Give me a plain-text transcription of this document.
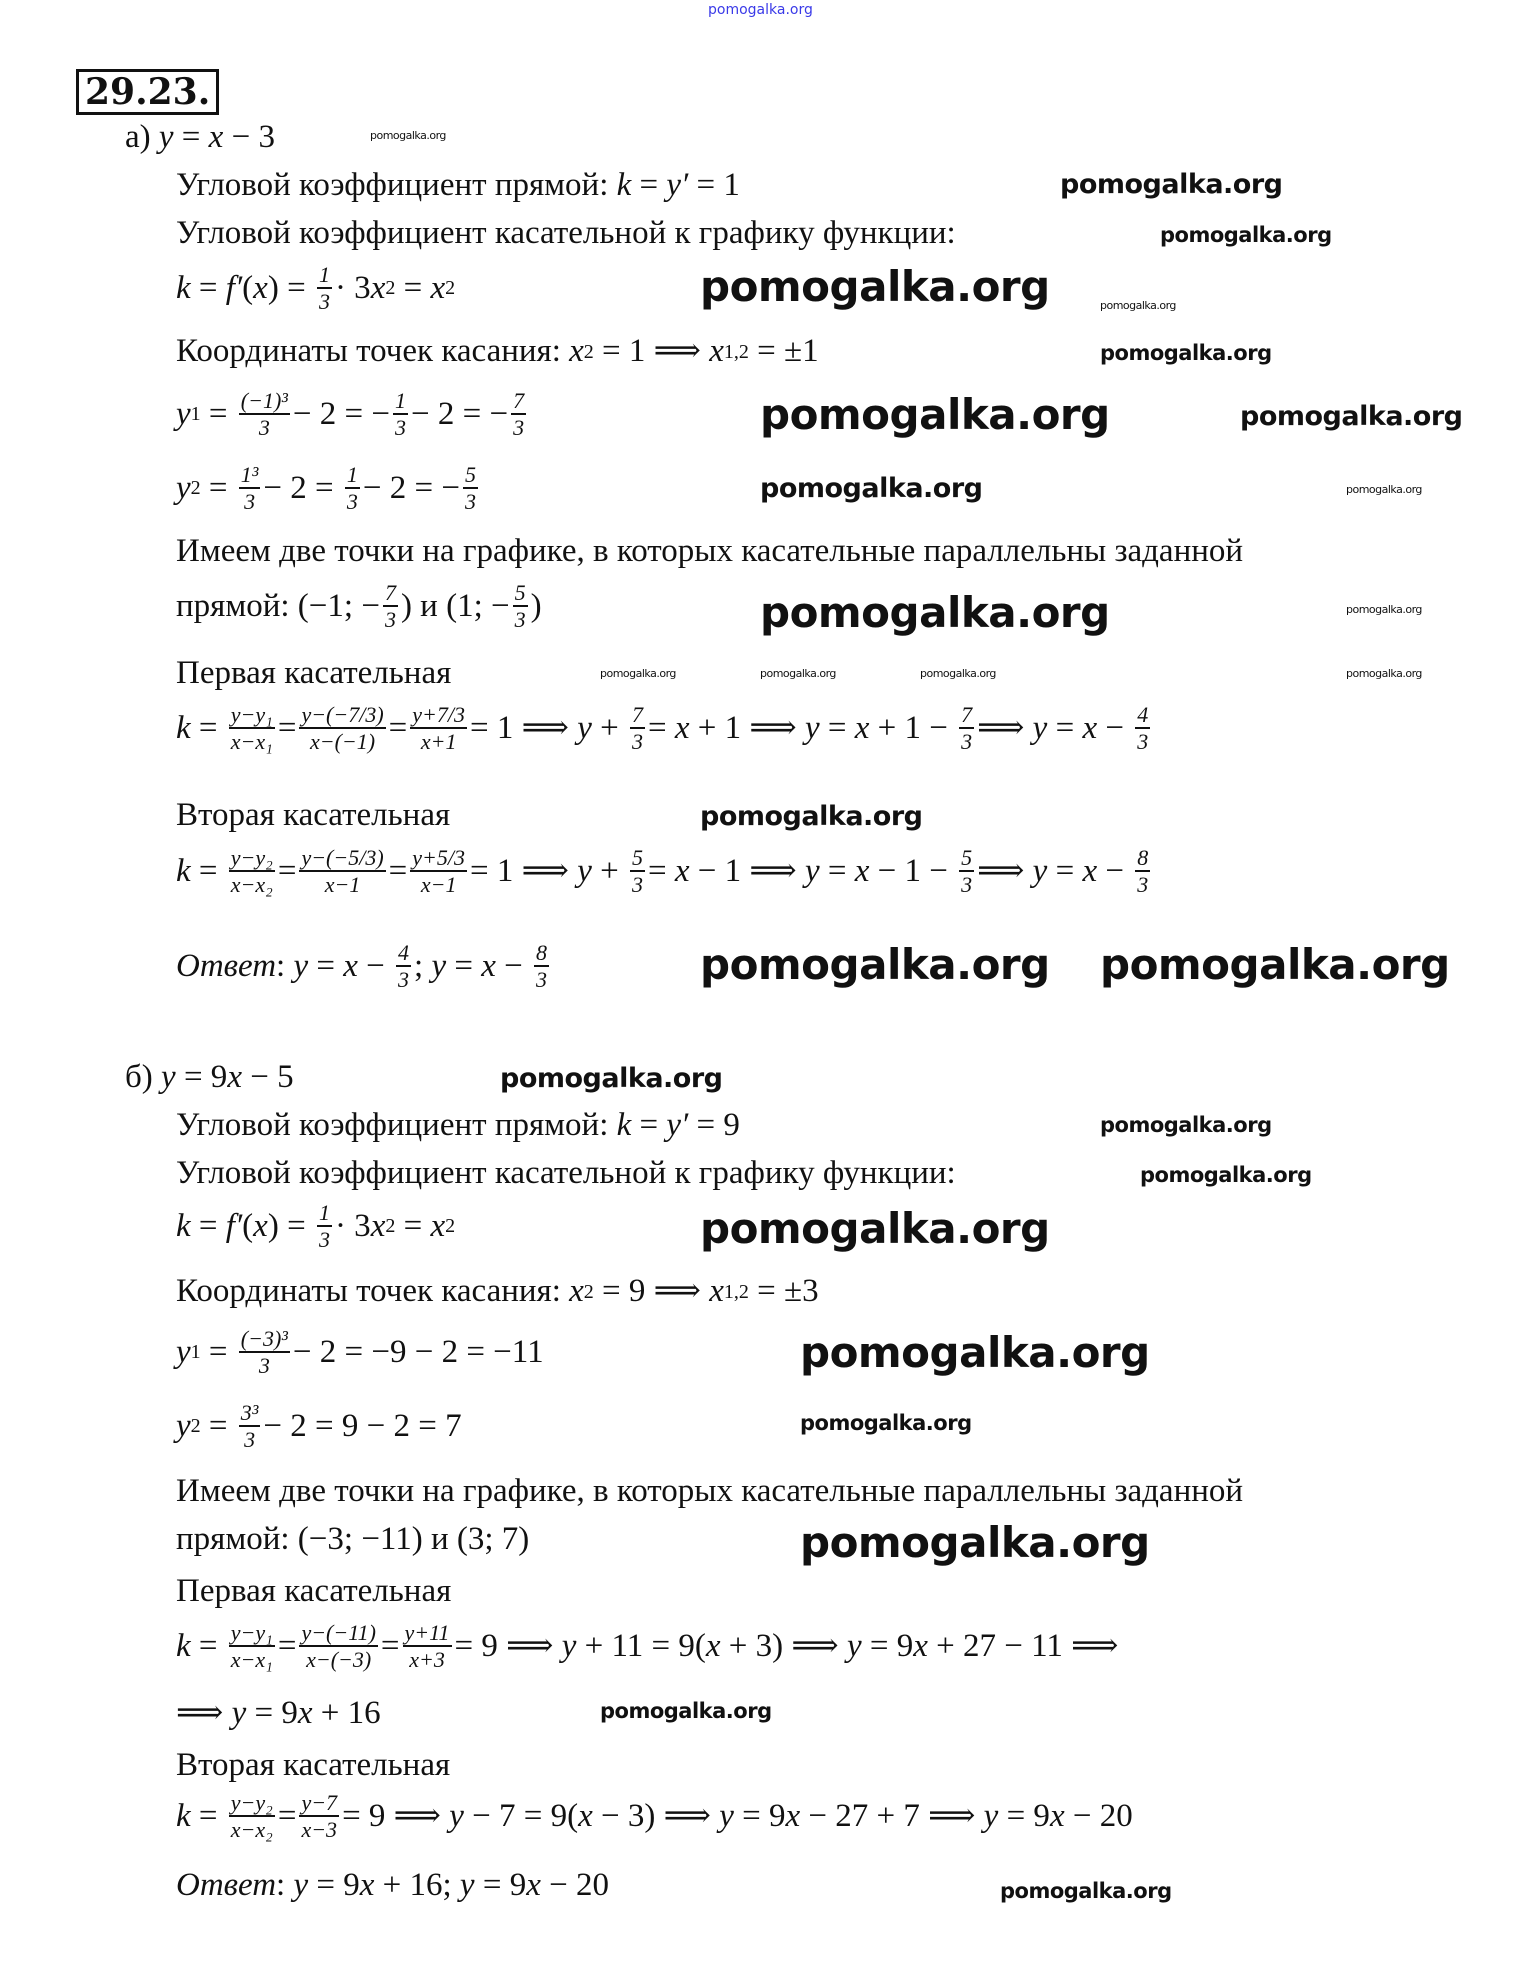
pomogalka.org
29.23.
а) y = x − 3
Угловой коэффициент прямой: k = y′ = 1
Угловой коэффициент касательной к графику функции:
k = f′ ( x ) = $\frac{1}{3} \cdot 3$ x 2 = x 2
Координаты точек касания: x 2 = 1 ⟹ x 1,2 = ±1
y $1 = \frac{\text{(−1)³}}{3} - 2$ = − $\frac{1}{3} - 2$ = − $\frac{7}{3}$
y $2 = \frac{\text{1³}}{3} - 2 = \frac{1}{3} - 2$ = − $\frac{5}{3}$
Имеем две точки на графике, в которых касательные параллельны заданной
прямой: (−1; − $\frac{7}{3}$ ) и (1; − $\frac{5}{3}$ )
Первая касательная
$k = \frac{\text{y−y₁}}{\text{x−x₁}} = \frac{y-(-7/3)}{x-(-1)} = \frac{y+7/3}{x+1} = 1$ ⟹ $y + \frac{7}{3} = x + 1$ ⟹ $y = x + 1 - \frac{7}{3}$ ⟹ $y = x - \frac{4}{3}$
Вторая касательная
$k = \frac{\text{y−y₂}}{\text{x−x₂}} = \frac{y-(-5/3)}{x-1} = \frac{y+5/3}{x-1} = 1$ ⟹ $y + \frac{5}{3} = x - 1$ ⟹ $y = x - 1 - \frac{5}{3}$ ⟹ $y = x - \frac{8}{3}$
Ответ : $y = x - \frac{4}{3}$ ; $y = x - \frac{8}{3}$
б) y = 9 x − 5
Угловой коэффициент прямой: k = y′ = 9
Угловой коэффициент касательной к графику функции:
k = f′ ( x ) = $\frac{1}{3} \cdot 3$ x 2 = x 2
Координаты точек касания: x 2 = 9 ⟹ x 1,2 = ±3
y $1 = \frac{\text{(−3)³}}{3} - 2 = -9 - 2 = -11$
y $2 = \frac{\text{3³}}{3} - 2 = 9 - 2 = 7$
Имеем две точки на графике, в которых касательные параллельны заданной
прямой: (−3; −11) и (3; 7)
Первая касательная
$k = \frac{\text{y−y₁}}{\text{x−x₁}} = \frac{y-(-11)}{x-(-3)} = \frac{y+11}{x+3} = 9$ ⟹ y + 11 = 9( x + 3) ⟹ y = 9 x + 27 − 11 ⟹
⟹ y = 9 x + 16
Вторая касательная
$k = \frac{\text{y−y₂}}{\text{x−x₂}} = \frac{y-7}{x-3} = 9$ ⟹ y − 7 = 9( x − 3) ⟹ y = 9 x − 27 + 7 ⟹ y = 9 x − 20
Ответ : y = 9 x + 16; y = 9 x − 20
pomogalka.org
pomogalka.org
pomogalka.org
pomogalka.org
pomogalka.org
pomogalka.org
pomogalka.org	pomogalka.org
pomogalka.org	pomogalka.org
pomogalka.org
pomogalka.org
pomogalka.org	pomogalka.org	pomogalka.org	pomogalka.org
pomogalka.org
pomogalka.org pomogalka.org
pomogalka.org
pomogalka.org
pomogalka.org
pomogalka.org
pomogalka.org
pomogalka.org
pomogalka.org
pomogalka.org
pomogalka.org
